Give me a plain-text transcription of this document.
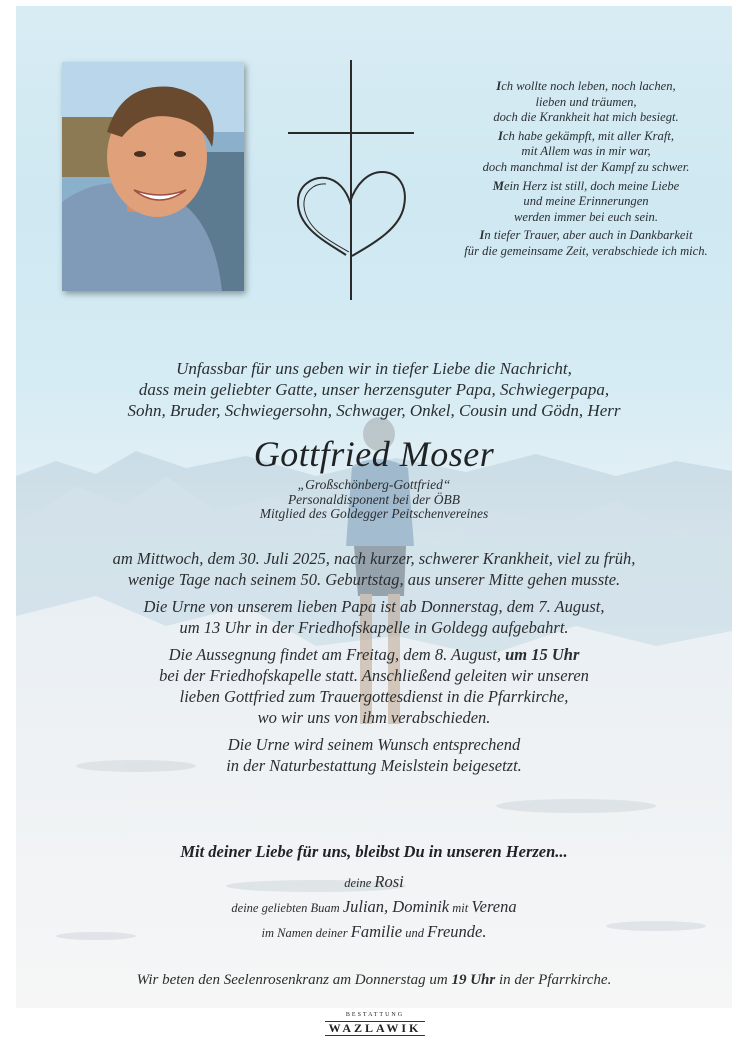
Ich wollte noch leben, noch lachen,
lieben und träumen,
doch die Krankheit hat mich besiegt.

Ich habe gekämpft, mit aller Kraft,
mit Allem was in mir war,
doch manchmal ist der Kampf zu schwer.

Mein Herz ist still, doch meine Liebe
und meine Erinnerungen
werden immer bei euch sein.

In tiefer Trauer, aber auch in Dankbarkeit
für die gemeinsame Zeit, verabschiede ich mich.

Unfassbar für uns geben wir in tiefer Liebe die Nachricht,
dass mein geliebter Gatte, unser herzensguter Papa, Schwiegerpapa,
Sohn, Bruder, Schwiegersohn, Schwager, Onkel, Cousin und Gödn, Herr
Gottfried Moser
„Großschönberg-Gottfried“
Personaldisponent bei der ÖBB
Mitglied des Goldegger Peitschenvereines

am Mittwoch, dem 30. Juli 2025, nach kurzer, schwerer Krankheit, viel zu früh,
wenige Tage nach seinem 50. Geburtstag, aus unserer Mitte gehen musste.

Die Urne von unserem lieben Papa ist ab Donnerstag, dem 7. August,
um 13 Uhr in der Friedhofskapelle in Goldegg aufgebahrt.

Die Aussegnung findet am Freitag, dem 8. August, um 15 Uhr
bei der Friedhofskapelle statt. Anschließend geleiten wir unseren
lieben Gottfried zum Trauergottesdienst in die Pfarrkirche,
wo wir uns von ihm verabschieden.

Die Urne wird seinem Wunsch entsprechend
in der Naturbestattung Meislstein beigesetzt.

Mit deiner Liebe für uns, bleibst Du in unseren Herzen...
deine Rosi
deine geliebten Buam Julian, Dominik mit Verena
im Namen deiner Familie und Freunde.
Wir beten den Seelenrosenkranz am Donnerstag um 19 Uhr in der Pfarrkirche.
BESTATTUNG
WAZLAWIK
